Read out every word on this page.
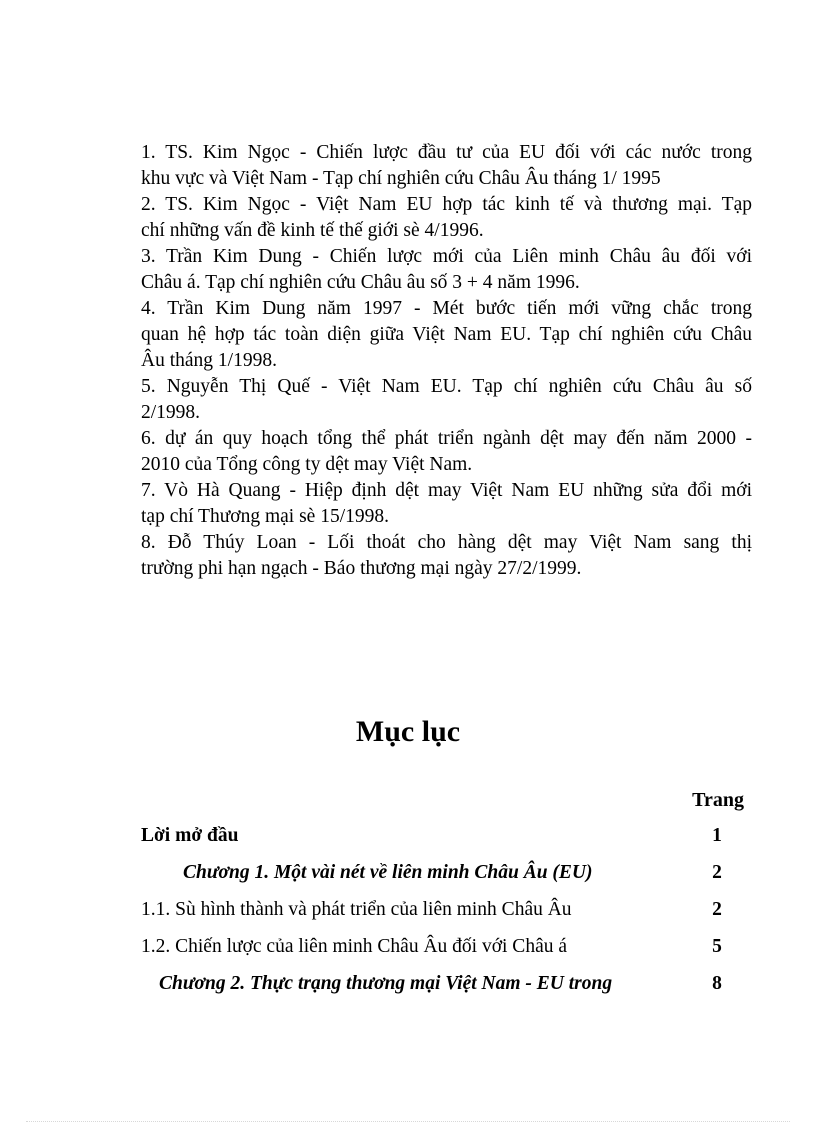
1. TS. Kim Ngọc - Chiến lược đầu tư của EU đối với các nước trong
khu vực và Việt Nam - Tạp chí nghiên cứu Châu Âu tháng 1/ 1995
2. TS. Kim Ngọc - Việt Nam EU hợp tác kinh tế và thương mại. Tạp
chí những vấn đề kinh tế thế giới sè 4/1996.
3. Trần Kim Dung - Chiến lược mới của Liên minh Châu âu đối với
Châu á. Tạp chí nghiên cứu Châu âu số 3 + 4 năm 1996.
4. Trần Kim Dung năm 1997 - Mét bước tiến mới vững chắc trong
quan hệ hợp tác toàn diện giữa Việt Nam EU. Tạp chí nghiên cứu Châu
Âu tháng 1/1998.
5. Nguyễn Thị Quế - Việt Nam EU. Tạp chí nghiên cứu Châu âu số
2/1998.
6. dự án quy hoạch tổng thể phát triển ngành dệt may đến năm 2000 -
2010 của Tổng công ty dệt may Việt Nam.
7. Vò Hà Quang - Hiệp định dệt may Việt Nam EU những sửa đổi mới
tạp chí Thương mại sè 15/1998.
8. Đỗ Thúy Loan - Lối thoát cho hàng dệt may Việt Nam sang thị
trường phi hạn ngạch - Báo thương mại ngày 27/2/1999.
Mục lục
Trang
Lời mở đầu	1
Chương 1. Một vài nét về liên minh Châu Âu (EU)	2
1.1. Sù hình thành và phát triển của liên minh Châu Âu	2
1.2. Chiến lược của liên minh Châu Âu đối với Châu á	5
Chương 2. Thực trạng thương mại Việt Nam - EU trong	8
